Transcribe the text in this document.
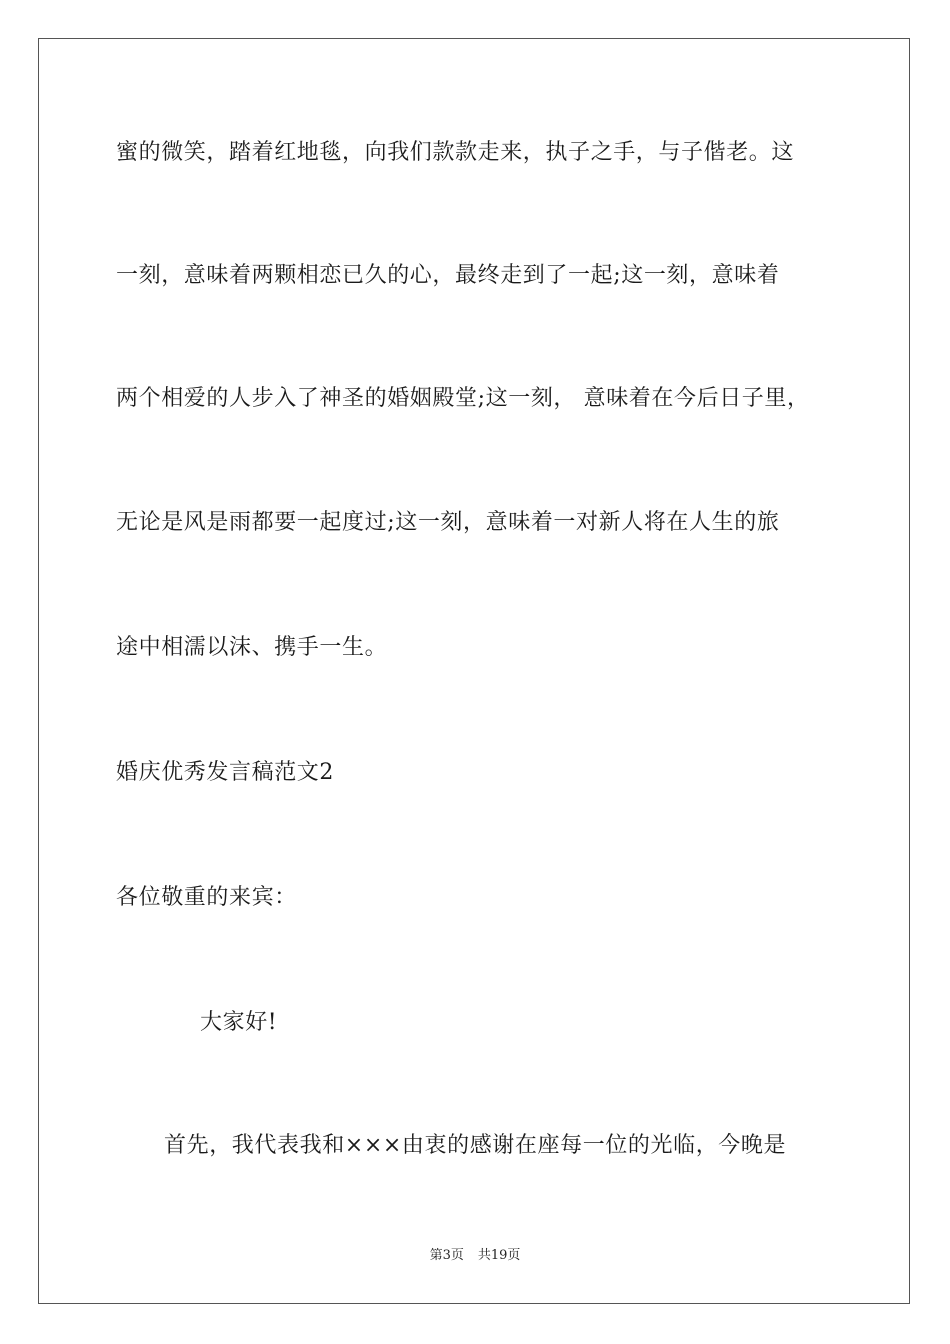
蜜的微笑，踏着红地毯，向我们款款走来，执子之手，与子偕老。这
一刻，意味着两颗相恋已久的心，最终走到了一起;这一刻，意味着
两个相爱的人步入了神圣的婚姻殿堂;这一刻， 意味着在今后日子里，
无论是风是雨都要一起度过;这一刻，意味着一对新人将在人生的旅
途中相濡以沫、携手一生。
婚庆优秀发言稿范文2
各位敬重的来宾：
大家好!
首先，我代表我和×××由衷的感谢在座每一位的光临，今晚是
第3页 共19页
